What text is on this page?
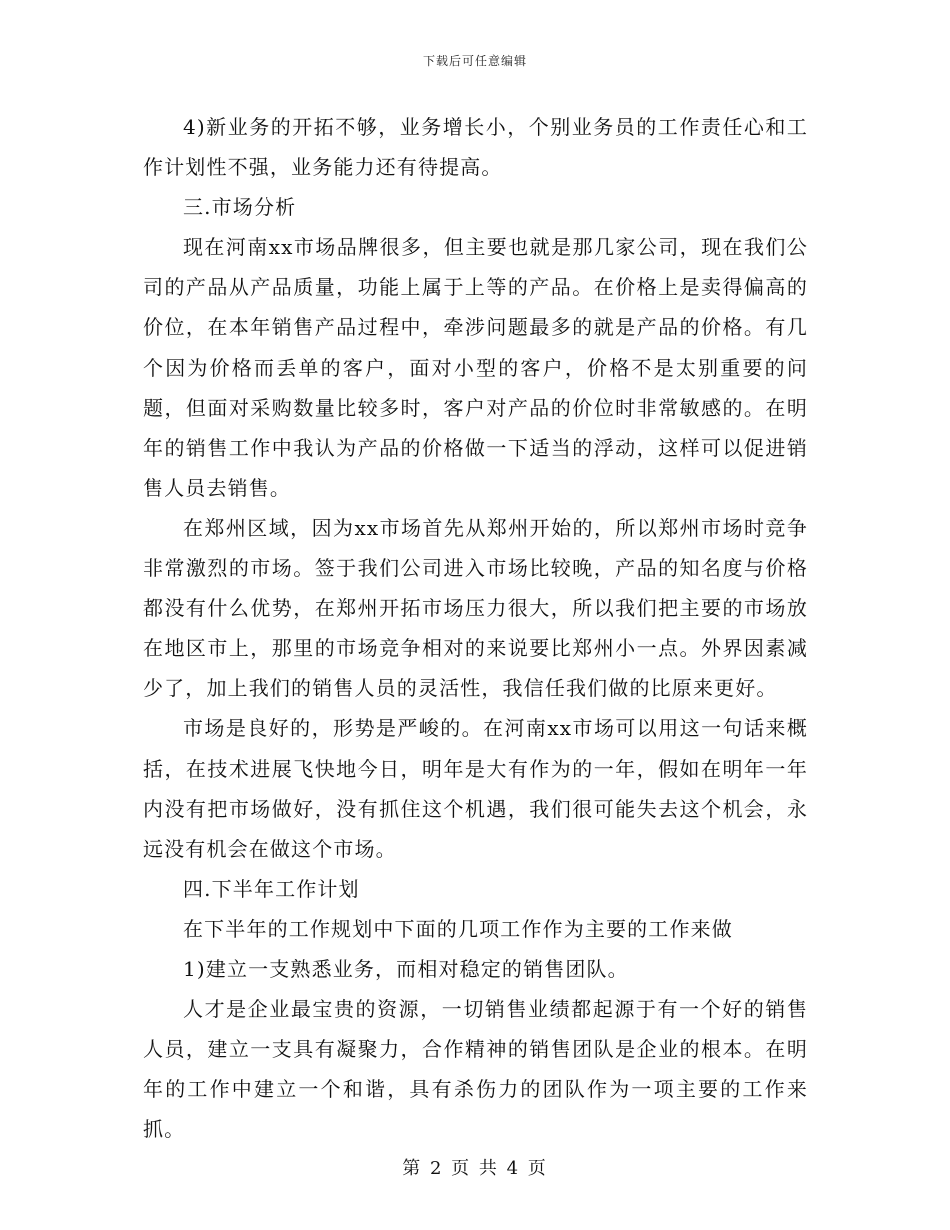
下载后可任意编辑

4)新业务的开拓不够，业务增长小，个别业务员的工作责任心和工作计划性不强，业务能力还有待提高。

三.市场分析

现在河南xx市场品牌很多，但主要也就是那几家公司，现在我们公司的产品从产品质量，功能上属于上等的产品。在价格上是卖得偏高的价位，在本年销售产品过程中，牵涉问题最多的就是产品的价格。有几个因为价格而丢单的客户，面对小型的客户，价格不是太别重要的问题，但面对采购数量比较多时，客户对产品的价位时非常敏感的。在明年的销售工作中我认为产品的价格做一下适当的浮动，这样可以促进销售人员去销售。

在郑州区域，因为xx市场首先从郑州开始的，所以郑州市场时竞争非常激烈的市场。签于我们公司进入市场比较晚，产品的知名度与价格都没有什么优势，在郑州开拓市场压力很大，所以我们把主要的市场放在地区市上，那里的市场竞争相对的来说要比郑州小一点。外界因素减少了，加上我们的销售人员的灵活性，我信任我们做的比原来更好。

市场是良好的，形势是严峻的。在河南xx市场可以用这一句话来概括，在技术进展飞快地今日，明年是大有作为的一年，假如在明年一年内没有把市场做好，没有抓住这个机遇，我们很可能失去这个机会，永远没有机会在做这个市场。

四.下半年工作计划

在下半年的工作规划中下面的几项工作作为主要的工作来做

1)建立一支熟悉业务，而相对稳定的销售团队。

人才是企业最宝贵的资源，一切销售业绩都起源于有一个好的销售人员，建立一支具有凝聚力，合作精神的销售团队是企业的根本。在明年的工作中建立一个和谐，具有杀伤力的团队作为一项主要的工作来抓。

第 2 页 共 4 页
